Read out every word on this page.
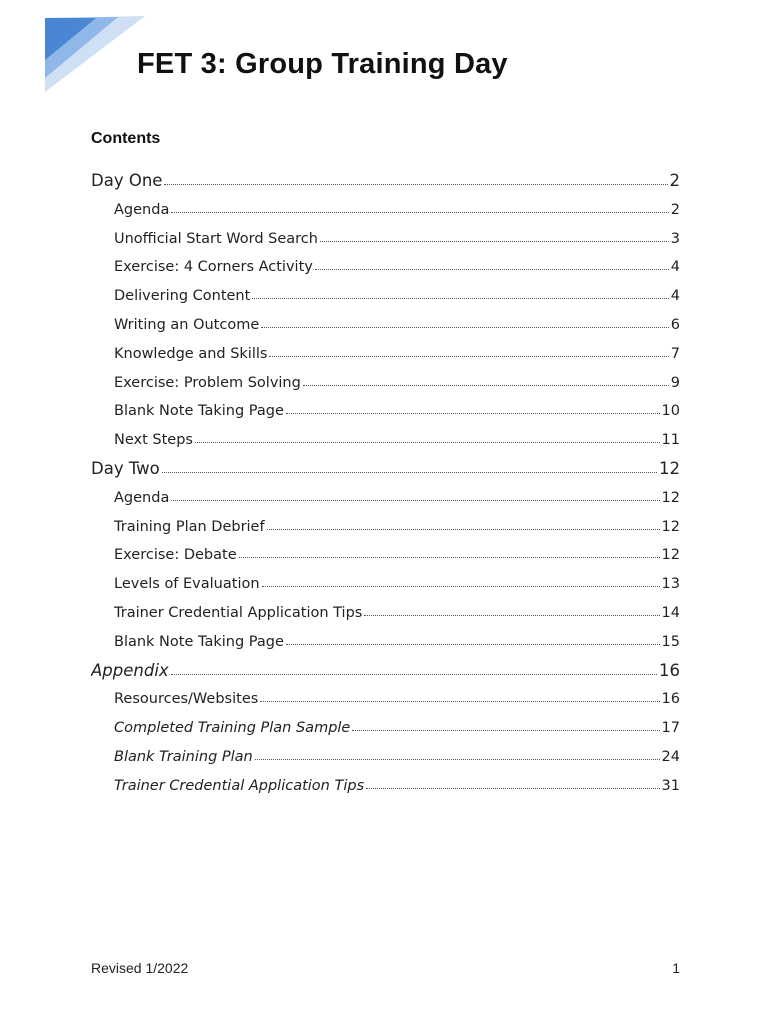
FET 3: Group Training Day
Contents
Day One	2
Agenda	2
Unofficial Start Word Search	3
Exercise: 4 Corners Activity	4
Delivering Content	4
Writing an Outcome	6
Knowledge and Skills	7
Exercise: Problem Solving	9
Blank Note Taking Page	10
Next Steps	11
Day Two	12
Agenda	12
Training Plan Debrief	12
Exercise: Debate	12
Levels of Evaluation	13
Trainer Credential Application Tips	14
Blank Note Taking Page	15
Appendix	16
Resources/Websites	16
Completed Training Plan Sample	17
Blank Training Plan	24
Trainer Credential Application Tips	31
Revised 1/2022	1
